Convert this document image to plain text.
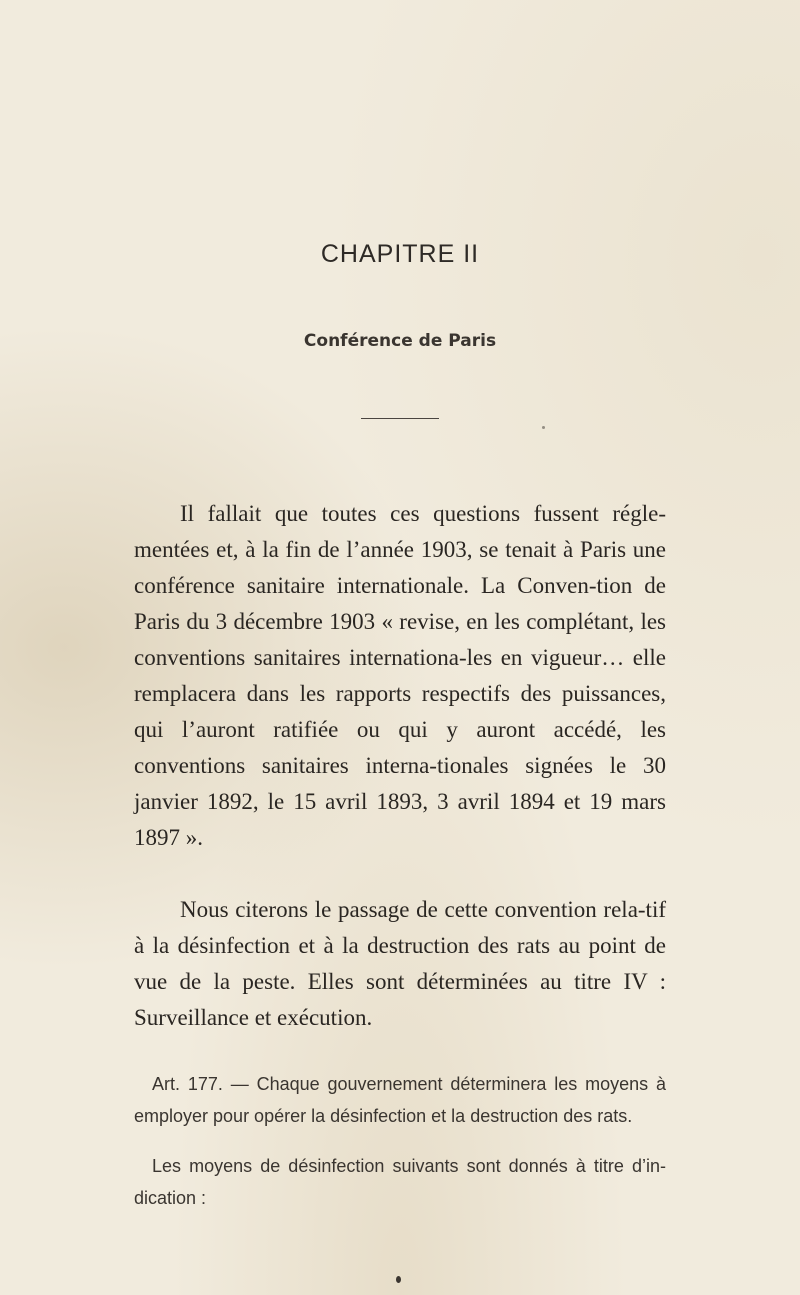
CHAPITRE II
Conférence de Paris

Il fallait que toutes ces questions fussent régle-mentées et, à la fin de l’année 1903, se tenait à Paris une conférence sanitaire internationale. La Conven-tion de Paris du 3 décembre 1903 « revise, en les complétant, les conventions sanitaires internationa-les en vigueur… elle remplacera dans les rapports respectifs des puissances, qui l’auront ratifiée ou qui y auront accédé, les conventions sanitaires interna-tionales signées le 30 janvier 1892, le 15 avril 1893, 3 avril 1894 et 19 mars 1897 ».

Nous citerons le passage de cette convention rela-tif à la désinfection et à la destruction des rats au point de vue de la peste. Elles sont déterminées au titre IV : Surveillance et exécution.

Art. 177. — Chaque gouvernement déterminera les moyens à employer pour opérer la désinfection et la destruction des rats.

Les moyens de désinfection suivants sont donnés à titre d’in-dication :
